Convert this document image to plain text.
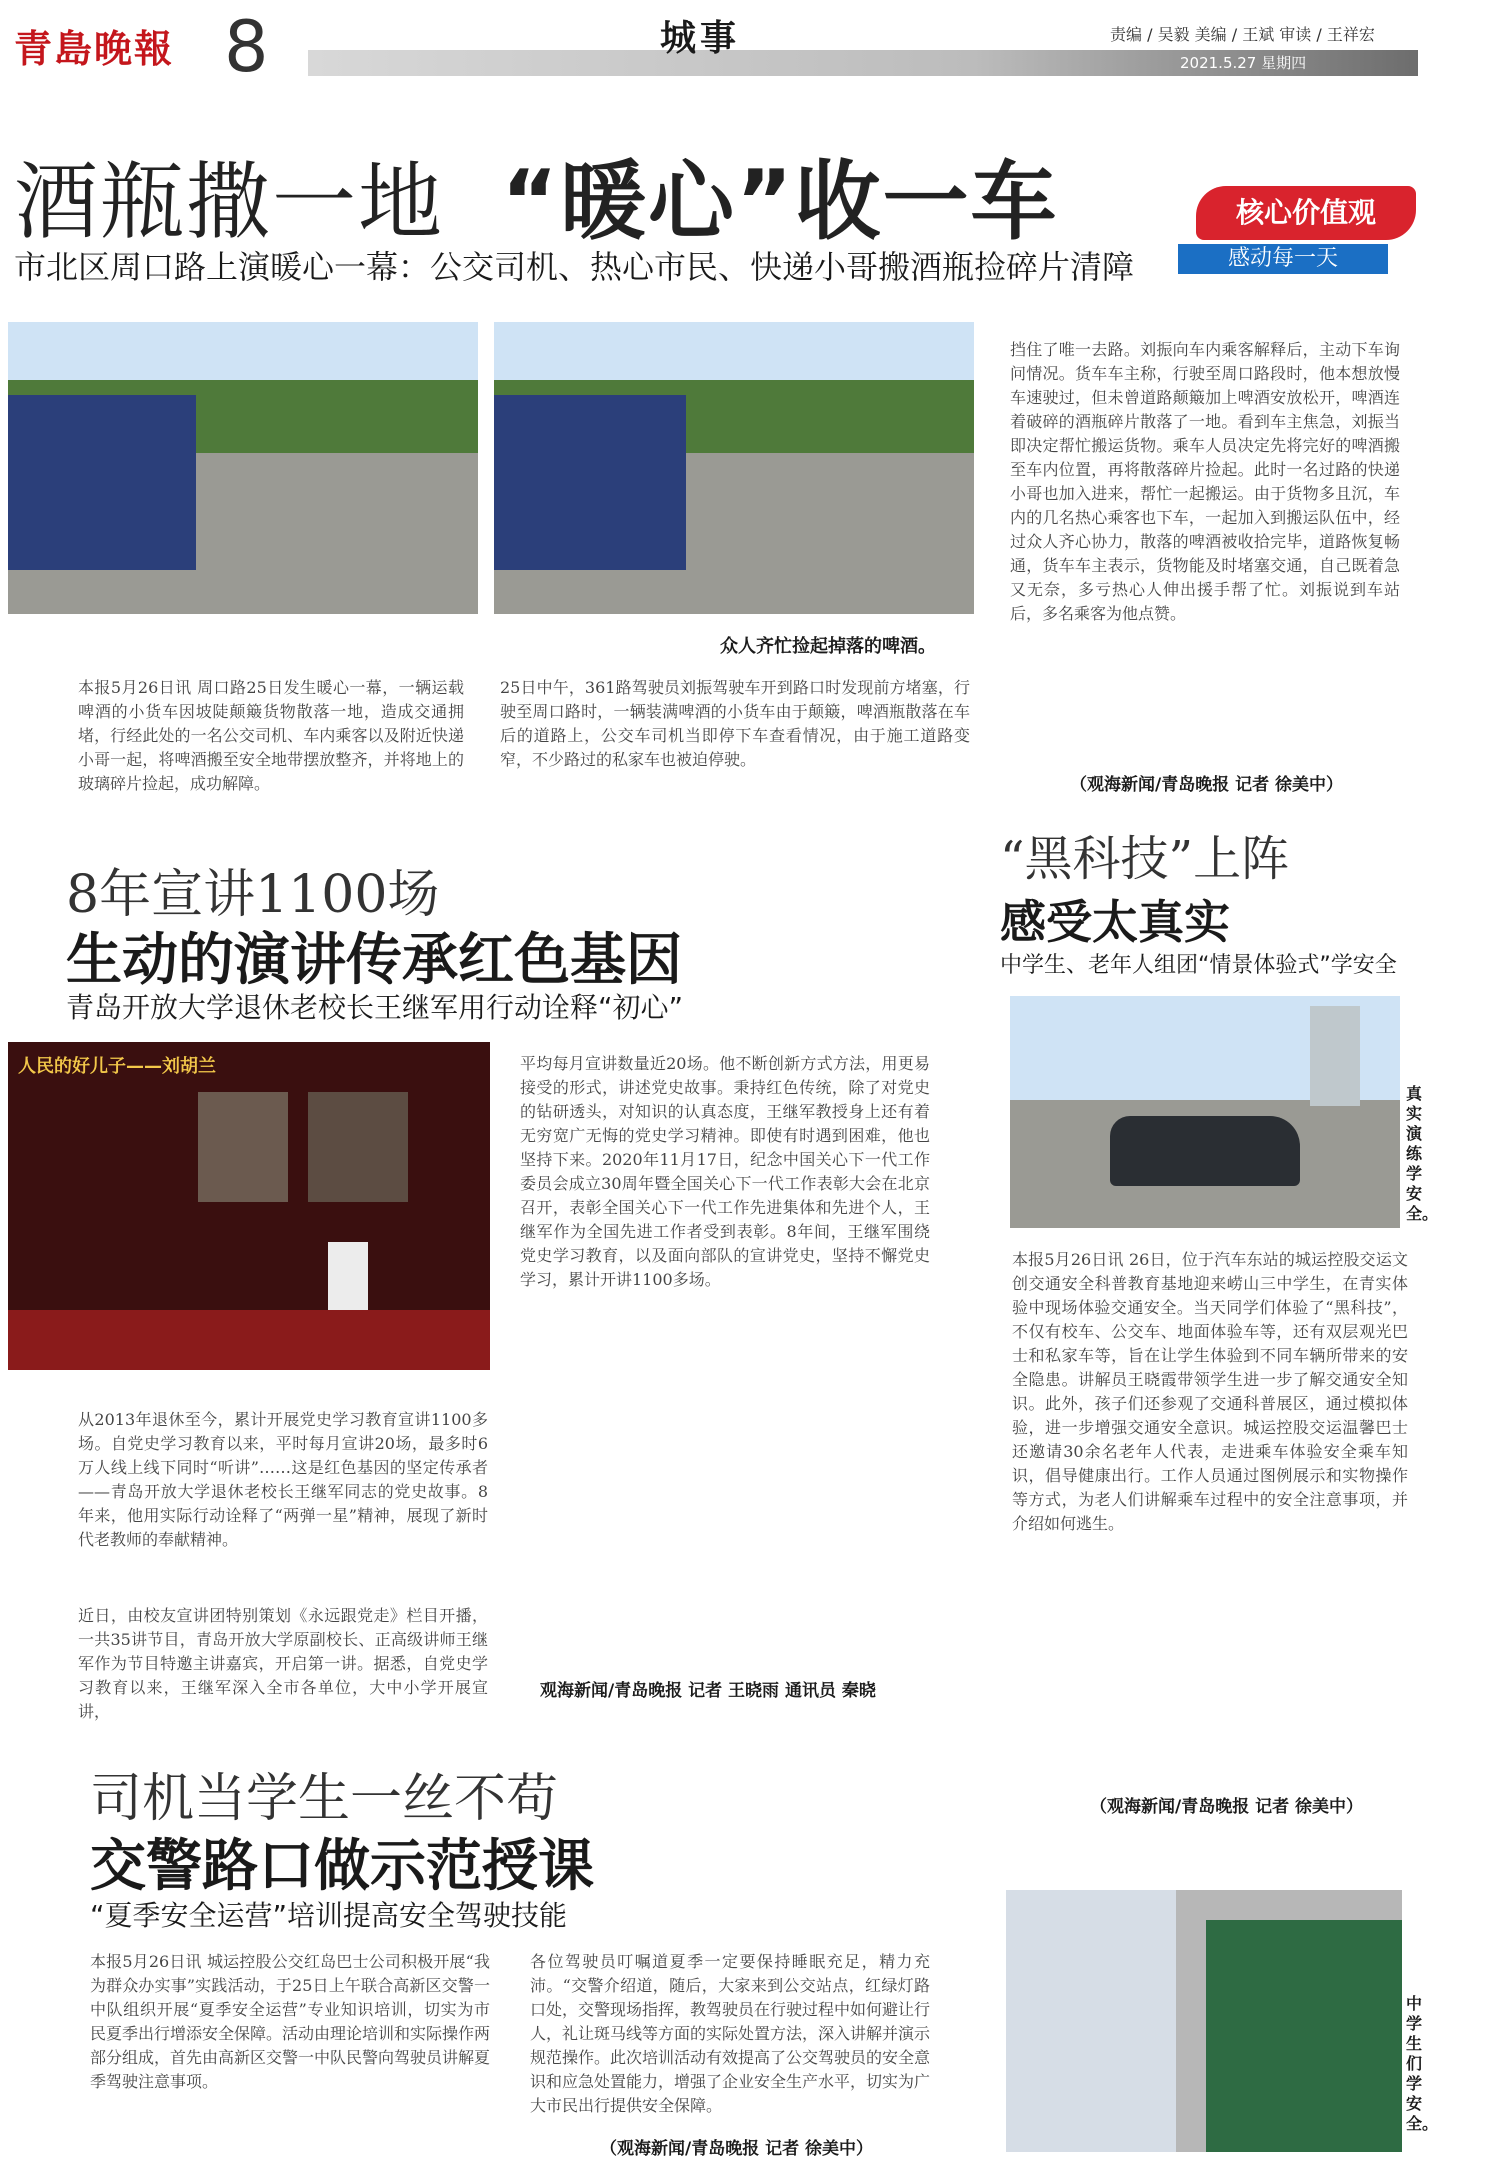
青島晚報 8	城事	责编 / 吴毅 美编 / 王斌 审读 / 王祥宏
2021.5.27 星期四
酒瓶撒一地 “暖心”收一车
市北区周口路上演暖心一幕：公交司机、热心市民、快递小哥搬酒瓶捡碎片清障
核心价值观
感动每一天
众人齐忙捡起掉落的啤酒。
本报5月26日讯 周口路25日发生暖心一幕，一辆运载啤酒的小货车因坡陡颠簸货物散落一地，造成交通拥堵，行经此处的一名公交司机、车内乘客以及附近快递小哥一起，将啤酒搬至安全地带摆放整齐，并将地上的玻璃碎片捡起，成功解障。
25日中午，361路驾驶员刘振驾驶车开到路口时发现前方堵塞，行驶至周口路时，一辆装满啤酒的小货车由于颠簸，啤酒瓶散落在车后的道路上，公交车司机当即停下车查看情况，由于施工道路变窄，不少路过的私家车也被迫停驶。
挡住了唯一去路。刘振向车内乘客解释后，主动下车询问情况。货车车主称，行驶至周口路段时，他本想放慢车速驶过，但未曾道路颠簸加上啤酒安放松开，啤酒连着破碎的酒瓶碎片散落了一地。看到车主焦急，刘振当即决定帮忙搬运货物。乘车人员决定先将完好的啤酒搬至车内位置，再将散落碎片捡起。此时一名过路的快递小哥也加入进来，帮忙一起搬运。由于货物多且沉，车内的几名热心乘客也下车，一起加入到搬运队伍中，经过众人齐心协力，散落的啤酒被收拾完毕，道路恢复畅通，货车车主表示，货物能及时堵塞交通，自己既着急又无奈，多亏热心人伸出援手帮了忙。刘振说到车站后，多名乘客为他点赞。
（观海新闻/青岛晚报 记者 徐美中）
8年宣讲1100场
生动的演讲传承红色基因
青岛开放大学退休老校长王继军用行动诠释“初心”
人民的好儿子——刘胡兰
从2013年退休至今，累计开展党史学习教育宣讲1100多场。自党史学习教育以来，平时每月宣讲20场，最多时6万人线上线下同时“听讲”……这是红色基因的坚定传承者——青岛开放大学退休老校长王继军同志的党史故事。8年来，他用实际行动诠释了“两弹一星”精神，展现了新时代老教师的奉献精神。
近日，由校友宣讲团特别策划《永远跟党走》栏目开播，一共35讲节目，青岛开放大学原副校长、正高级讲师王继军作为节目特邀主讲嘉宾，开启第一讲。据悉，自党史学习教育以来，王继军深入全市各单位，大中小学开展宣讲，
平均每月宣讲数量近20场。他不断创新方式方法，用更易接受的形式，讲述党史故事。秉持红色传统，除了对党史的钻研透头，对知识的认真态度，王继军教授身上还有着无穷宽广无悔的党史学习精神。即使有时遇到困难，他也坚持下来。2020年11月17日，纪念中国关心下一代工作委员会成立30周年暨全国关心下一代工作表彰大会在北京召开，表彰全国关心下一代工作先进集体和先进个人，王继军作为全国先进工作者受到表彰。8年间，王继军围绕党史学习教育，以及面向部队的宣讲党史，坚持不懈党史学习，累计开讲1100多场。
观海新闻/青岛晚报 记者 王晓雨 通讯员 秦晓
“黑科技”上阵
感受太真实
中学生、老年人组团“情景体验式”学安全
真实演练学安全。
本报5月26日讯 26日，位于汽车东站的城运控股交运文创交通安全科普教育基地迎来崂山三中学生，在青实体验中现场体验交通安全。当天同学们体验了“黑科技”，不仅有校车、公交车、地面体验车等，还有双层观光巴士和私家车等，旨在让学生体验到不同车辆所带来的安全隐患。讲解员王晓霞带领学生进一步了解交通安全知识。此外，孩子们还参观了交通科普展区，通过模拟体验，进一步增强交通安全意识。城运控股交运温馨巴士还邀请30余名老年人代表，走进乘车体验安全乘车知识，倡导健康出行。工作人员通过图例展示和实物操作等方式，为老人们讲解乘车过程中的安全注意事项，并介绍如何逃生。
（观海新闻/青岛晚报 记者 徐美中）
中学生们学安全。
司机当学生一丝不苟
交警路口做示范授课
“夏季安全运营”培训提高安全驾驶技能
本报5月26日讯 城运控股公交红岛巴士公司积极开展“我为群众办实事”实践活动，于25日上午联合高新区交警一中队组织开展“夏季安全运营”专业知识培训，切实为市民夏季出行增添安全保障。活动由理论培训和实际操作两部分组成，首先由高新区交警一中队民警向驾驶员讲解夏季驾驶注意事项。
各位驾驶员叮嘱道夏季一定要保持睡眠充足，精力充沛。“交警介绍道，随后，大家来到公交站点，红绿灯路口处，交警现场指挥，教驾驶员在行驶过程中如何避让行人，礼让斑马线等方面的实际处置方法，深入讲解并演示规范操作。此次培训活动有效提高了公交驾驶员的安全意识和应急处置能力，增强了企业安全生产水平，切实为广大市民出行提供安全保障。
（观海新闻/青岛晚报 记者 徐美中）
